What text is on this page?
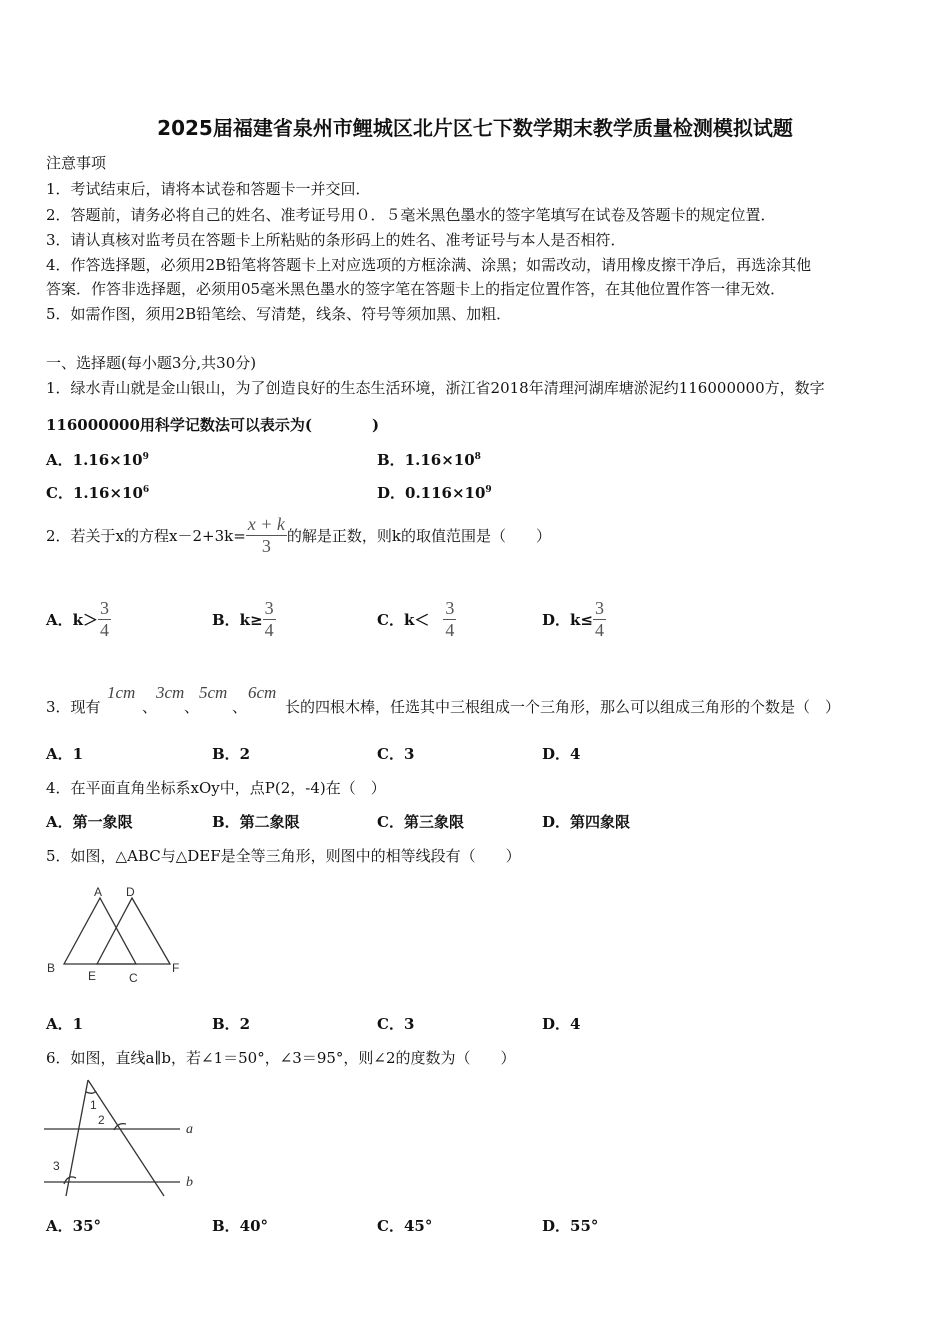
2025届福建省泉州市鲤城区北片区七下数学期末教学质量检测模拟试题
注意事项
1．考试结束后，请将本试卷和答题卡一并交回．
2．答题前，请务必将自己的姓名、准考证号用０．５毫米黑色墨水的签字笔填写在试卷及答题卡的规定位置．
3．请认真核对监考员在答题卡上所粘贴的条形码上的姓名、准考证号与本人是否相符．
4．作答选择题，必须用2B铅笔将答题卡上对应选项的方框涂满、涂黑；如需改动，请用橡皮擦干净后，再选涂其他
答案．作答非选择题，必须用05毫米黑色墨水的签字笔在答题卡上的指定位置作答，在其他位置作答一律无效．
5．如需作图，须用2B铅笔绘、写清楚，线条、符号等须加黑、加粗．
一、选择题(每小题3分,共30分)
1．绿水青山就是金山银山，为了创造良好的生态生活环境，浙江省2018年清理河湖库塘淤泥约116000000方，数字
116000000用科学记数法可以表示为(　　　　)
A．$1.16\times 10^9$	B．$1.16\times 10^8$
C．$1.16\times 10^6$	D．$0.116\times 10^9$
2．若关于x的方程$x-2+3k= \frac{x + k}{3}$ 的解是正数，则k的取值范围是（　　）
A．$k> \frac{3}{4}$	B．$k\ge \frac{3}{4}$	C．$k< \frac{3}{4}$	D．$k\le \frac{3}{4}$
3．现有
1cm
、
3cm
、
5cm
、
6cm
长的四根木棒，任选其中三根组成一个三角形，那么可以组成三角形的个数是（　）
A．1	B．2	C．3	D．4
4．在平面直角坐标系xOy中，点P(2，-4)在（　）
A．第一象限	B．第二象限	C．第三象限	D．第四象限
5．如图，△ABC与△DEF是全等三角形，则图中的相等线段有（　　）
A D
B
E	C
F
A．1	B．2	C．3	D．4
6．如图，直线a∥b，若∠1＝50°，∠3＝95°，则∠2的度数为（　　）
1
2
3
a
b
A．35°	B．40°	C．45°	D．55°
